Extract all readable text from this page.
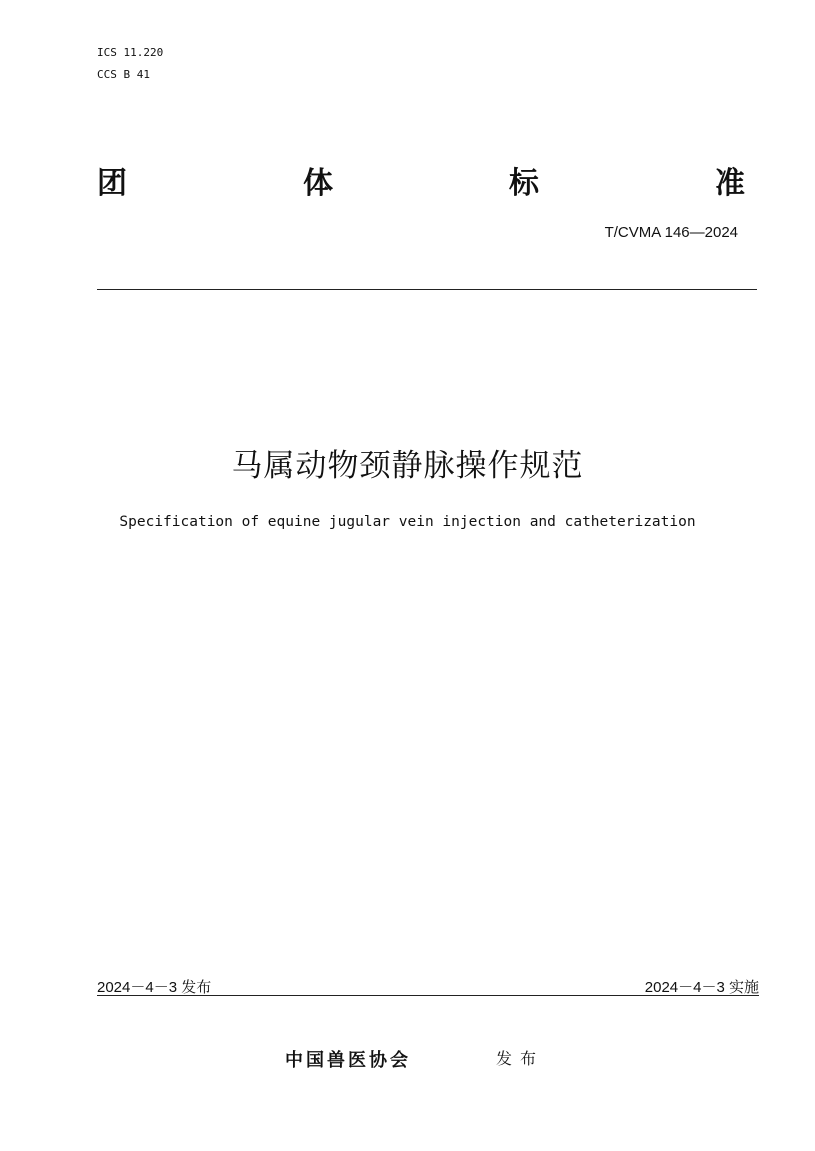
ICS 11.220
CCS B 41
团	体	标	准
T/CVMA 146—2024
马属动物颈静脉操作规范
Specification of equine jugular vein injection and catheterization
2024－4－3 发布	2024－4－3 实施
中国兽医协会	发布
